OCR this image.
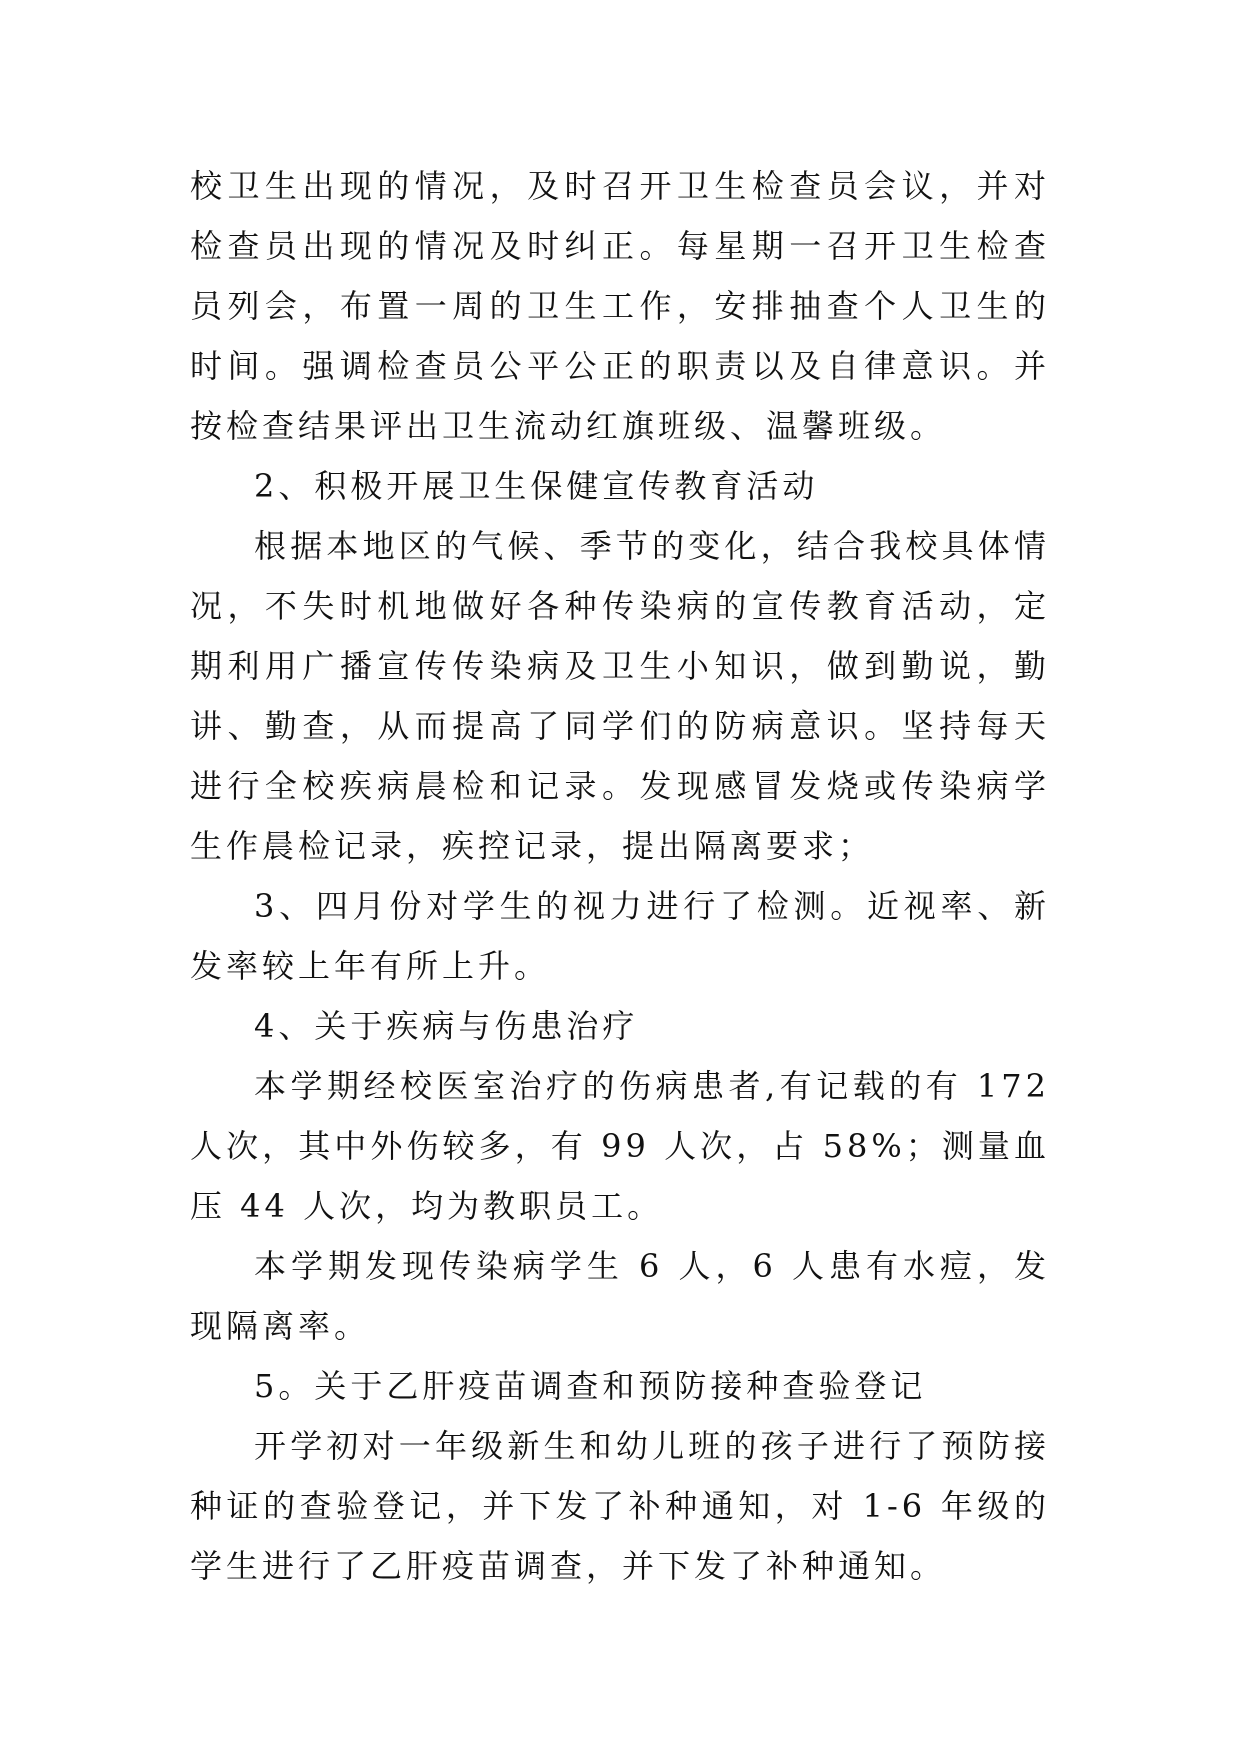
校卫生出现的情况，及时召开卫生检查员会议，并对检查员出现的情况及时纠正。每星期一召开卫生检查员列会，布置一周的卫生工作，安排抽查个人卫生的时间。强调检查员公平公正的职责以及自律意识。并按检查结果评出卫生流动红旗班级、温馨班级。

2、积极开展卫生保健宣传教育活动

根据本地区的气候、季节的变化，结合我校具体情况，不失时机地做好各种传染病的宣传教育活动，定期利用广播宣传传染病及卫生小知识，做到勤说，勤讲、勤查，从而提高了同学们的防病意识。坚持每天进行全校疾病晨检和记录。发现感冒发烧或传染病学生作晨检记录，疾控记录，提出隔离要求；

3、四月份对学生的视力进行了检测。近视率、新发率较上年有所上升。

4、关于疾病与伤患治疗

本学期经校医室治疗的伤病患者,有记载的有 172 人次，其中外伤较多，有 99 人次，占 58%；测量血压 44 人次，均为教职员工。

本学期发现传染病学生 6 人，6 人患有水痘，发现隔离率。

5。关于乙肝疫苗调查和预防接种查验登记

开学初对一年级新生和幼儿班的孩子进行了预防接种证的查验登记，并下发了补种通知，对 1-6 年级的学生进行了乙肝疫苗调查，并下发了补种通知。
